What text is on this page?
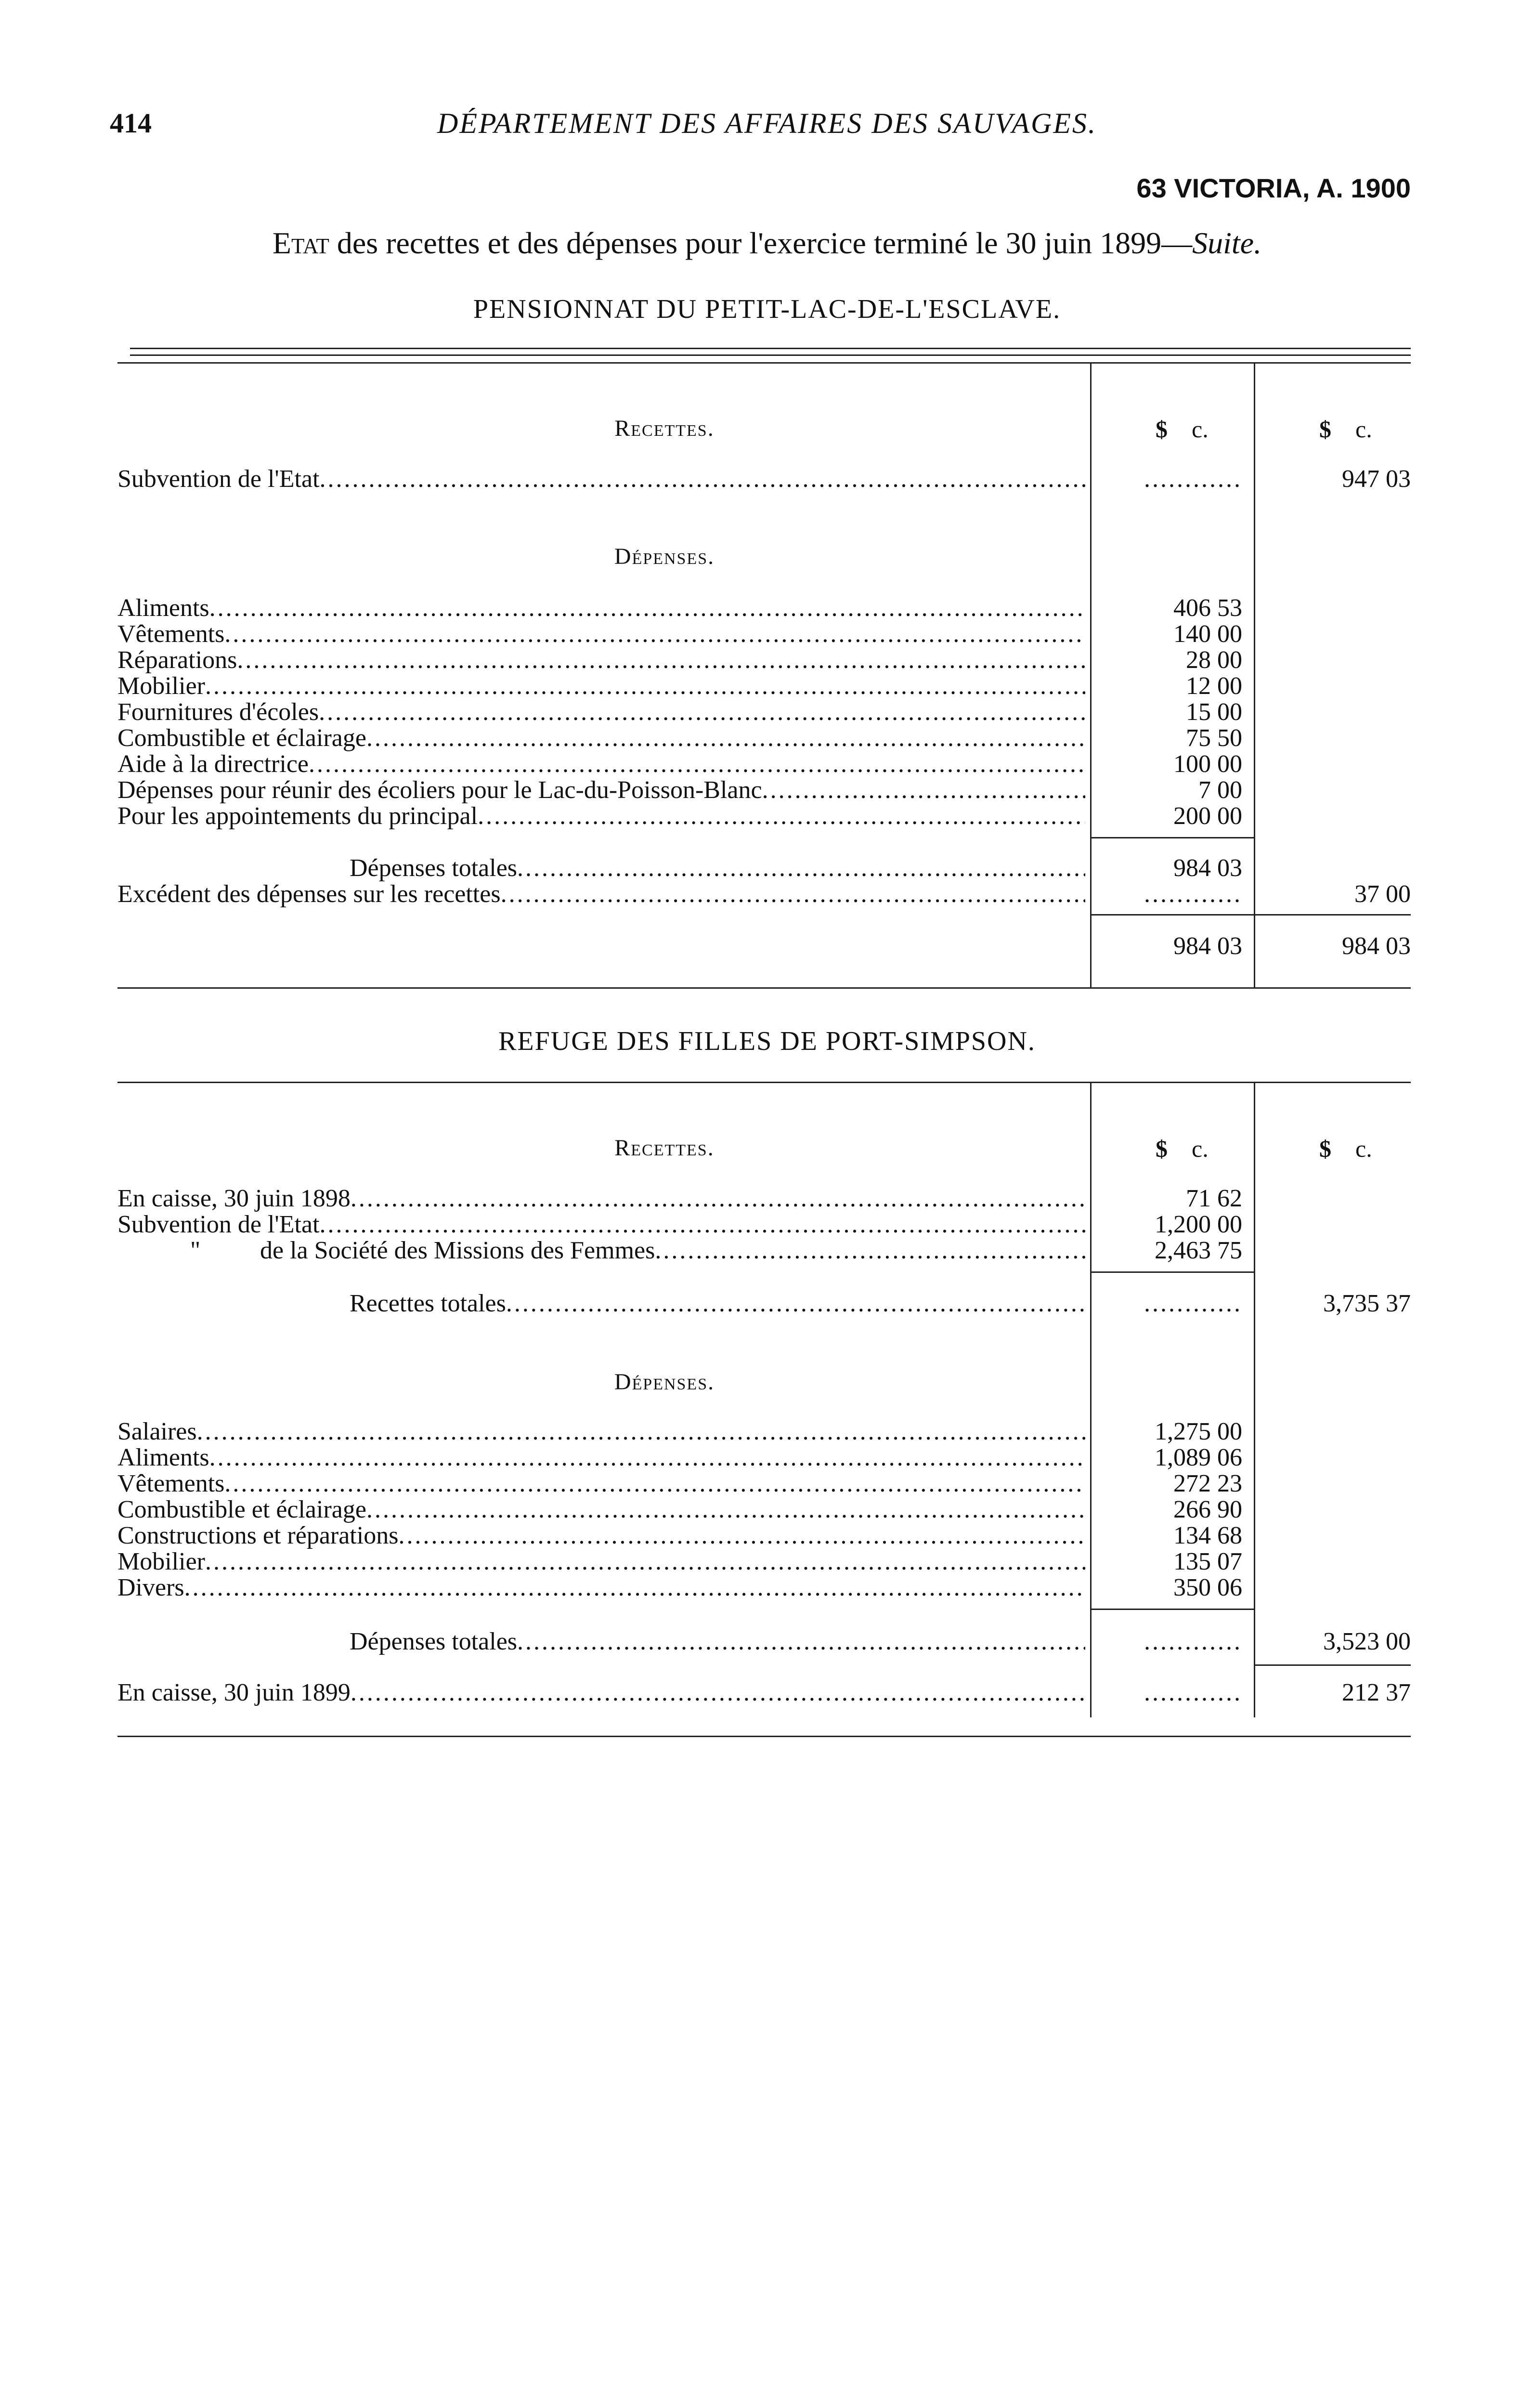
414	DÉPARTEMENT DES AFFAIRES DES SAUVAGES.
63 VICTORIA, A. 1900
Etat des recettes et des dépenses pour l'exercice terminé le 30 juin 1899—Suite.
PENSIONNAT DU PETIT-LAC-DE-L'ESCLAVE.
Recettes.	$ c.	$ c.
Subvention de l'Etat .....	............	947 03
Dépenses.
Aliments .....	406 53
Vêtements .....	140 00
Réparations .....	28 00
Mobilier .....	12 00
Fournitures d'écoles .....	15 00
Combustible et éclairage .....	75 50
Aide à la directrice .....	100 00
Dépenses pour réunir des écoliers pour le Lac-du-Poisson-Blanc .....	7 00
Pour les appointements du principal .....	200 00
Dépenses totales .....	984 03
Excédent des dépenses sur les recettes .....	............	37 00
984 03	984 03
REFUGE DES FILLES DE PORT-SIMPSON.
Recettes.	$ c.	$ c.
En caisse, 30 juin 1898 .....	71 62
Subvention de l'Etat .....	1,200 00
" de la Société des Missions des Femmes .....	2,463 75
Recettes totales .....	............	3,735 37
Dépenses.
Salaires .....	1,275 00
Aliments .....	1,089 06
Vêtements .....	272 23
Combustible et éclairage .....	266 90
Constructions et réparations .....	134 68
Mobilier .....	135 07
Divers .....	350 06
Dépenses totales .....	............	3,523 00
En caisse, 30 juin 1899 .....	............	212 37
